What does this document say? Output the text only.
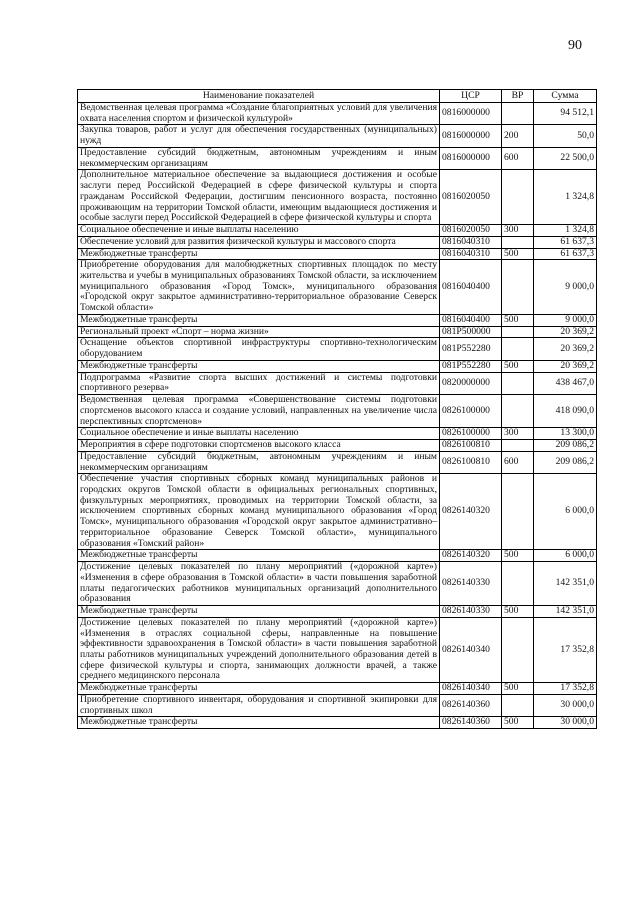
90
Наименование показателей	ЦСР	ВР	Сумма
Ведомственная целевая программа «Создание благоприятных условий для увеличения охвата населения спортом и физической культурой»	0816000000		94 512,1
Закупка товаров, работ и услуг для обеспечения государственных (муниципальных) нужд	0816000000	200	50,0
Предоставление субсидий бюджетным, автономным учреждениям и иным некоммерческим организациям	0816000000	600	22 500,0
Дополнительное материальное обеспечение за выдающиеся достижения и особые заслуги перед Российской Федерацией в сфере физической культуры и спорта гражданам Российской Федерации, достигшим пенсионного возраста, постоянно проживающим на территории Томской области, имеющим выдающиеся достижения и особые заслуги перед Российской Федерацией в сфере физической культуры и спорта	0816020050		1 324,8
Социальное обеспечение и иные выплаты населению	0816020050	300	1 324,8
Обеспечение условий для развития физической культуры и массового спорта	0816040310		61 637,3
Межбюджетные трансферты	0816040310	500	61 637,3
Приобретение оборудования для малобюджетных спортивных площадок по месту жительства и учебы в муниципальных образованиях Томской области, за исключением муниципального образования «Город Томск», муниципального образования «Городской округ закрытое административно-территориальное образование Северск Томской области»	0816040400		9 000,0
Межбюджетные трансферты	0816040400	500	9 000,0
Региональный проект «Спорт – норма жизни»	081P500000		20 369,2
Оснащение объектов спортивной инфраструктуры спортивно-технологическим оборудованием	081P552280		20 369,2
Межбюджетные трансферты	081P552280	500	20 369,2
Подпрограмма «Развитие спорта высших достижений и системы подготовки спортивного резерва»	0820000000		438 467,0
Ведомственная целевая программа «Совершенствование системы подготовки спортсменов высокого класса и создание условий, направленных на увеличение числа перспективных спортсменов»	0826100000		418 090,0
Социальное обеспечение и иные выплаты населению	0826100000	300	13 300,0
Мероприятия в сфере подготовки спортсменов высокого класса	0826100810		209 086,2
Предоставление субсидий бюджетным, автономным учреждениям и иным некоммерческим организациям	0826100810	600	209 086,2
Обеспечение участия спортивных сборных команд муниципальных районов и городских округов Томской области в официальных региональных спортивных, физкультурных мероприятиях, проводимых на территории Томской области, за исключением спортивных сборных команд муниципального образования «Город Томск», муниципального образования «Городской округ закрытое административно–территориальное образование Северск Томской области», муниципального образования «Томский район»	0826140320		6 000,0
Межбюджетные трансферты	0826140320	500	6 000,0
Достижение целевых показателей по плану мероприятий («дорожной карте») «Изменения в сфере образования в Томской области» в части повышения заработной платы педагогических работников муниципальных организаций дополнительного образования	0826140330		142 351,0
Межбюджетные трансферты	0826140330	500	142 351,0
Достижение целевых показателей по плану мероприятий («дорожной карте») «Изменения в отраслях социальной сферы, направленные на повышение эффективности здравоохранения в Томской области» в части повышения заработной платы работников муниципальных учреждений дополнительного образования детей в сфере физической культуры и спорта, занимающих должности врачей, а также среднего медицинского персонала	0826140340		17 352,8
Межбюджетные трансферты	0826140340	500	17 352,8
Приобретение спортивного инвентаря, оборудования и спортивной экипировки для спортивных школ	0826140360		30 000,0
Межбюджетные трансферты	0826140360	500	30 000,0
